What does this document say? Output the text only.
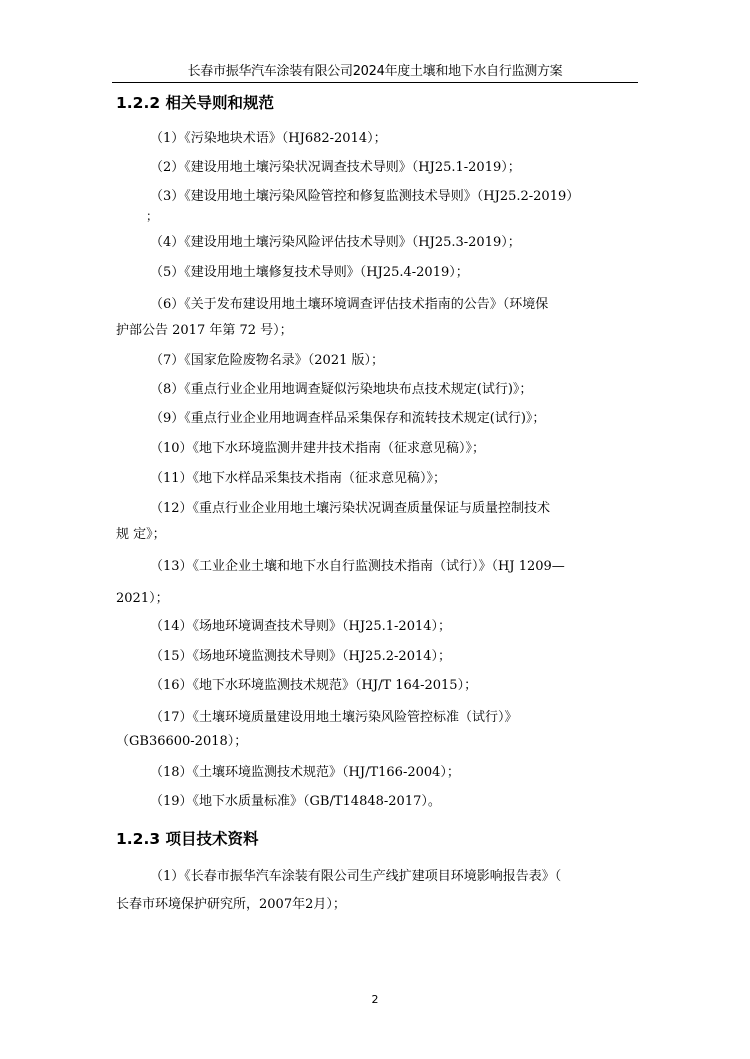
长春市振华汽车涂装有限公司2024年度土壤和地下水自行监测方案
1.2.2 相关导则和规范
（1）《污染地块术语》（HJ682-2014）；
（2）《建设用地土壤污染状况调查技术导则》（HJ25.1-2019）；
（3）《建设用地土壤污染风险管控和修复监测技术导则》（HJ25.2-2019）
；
（4）《建设用地土壤污染风险评估技术导则》（HJ25.3-2019）；
（5）《建设用地土壤修复技术导则》（HJ25.4-2019）；
（6）《关于发布建设用地土壤环境调查评估技术指南的公告》（环境保
护部公告 2017 年第 72 号）；
（7）《国家危险废物名录》（2021 版）；
（8）《重点行业企业用地调查疑似污染地块布点技术规定(试行)》；
（9）《重点行业企业用地调查样品采集保存和流转技术规定(试行)》；
（10）《地下水环境监测井建井技术指南（征求意见稿）》；
（11）《地下水样品采集技术指南（征求意见稿）》；
（12）《重点行业企业用地土壤污染状况调查质量保证与质量控制技术
规 定》；
（13）《工业企业土壤和地下水自行监测技术指南（试行）》（HJ 1209—
2021）；
（14）《场地环境调查技术导则》（HJ25.1-2014）；
（15）《场地环境监测技术导则》（HJ25.2-2014）；
（16）《地下水环境监测技术规范》（HJ/T 164-2015）；
（17）《土壤环境质量建设用地土壤污染风险管控标准（试行）》
（GB36600-2018）；
（18）《土壤环境监测技术规范》（HJ/T166-2004）；
（19）《地下水质量标准》（GB/T14848-2017）。
1.2.3 项目技术资料
（1）《长春市振华汽车涂装有限公司生产线扩建项目环境影响报告表》（
长春市环境保护研究所，2007年2月）；
2
